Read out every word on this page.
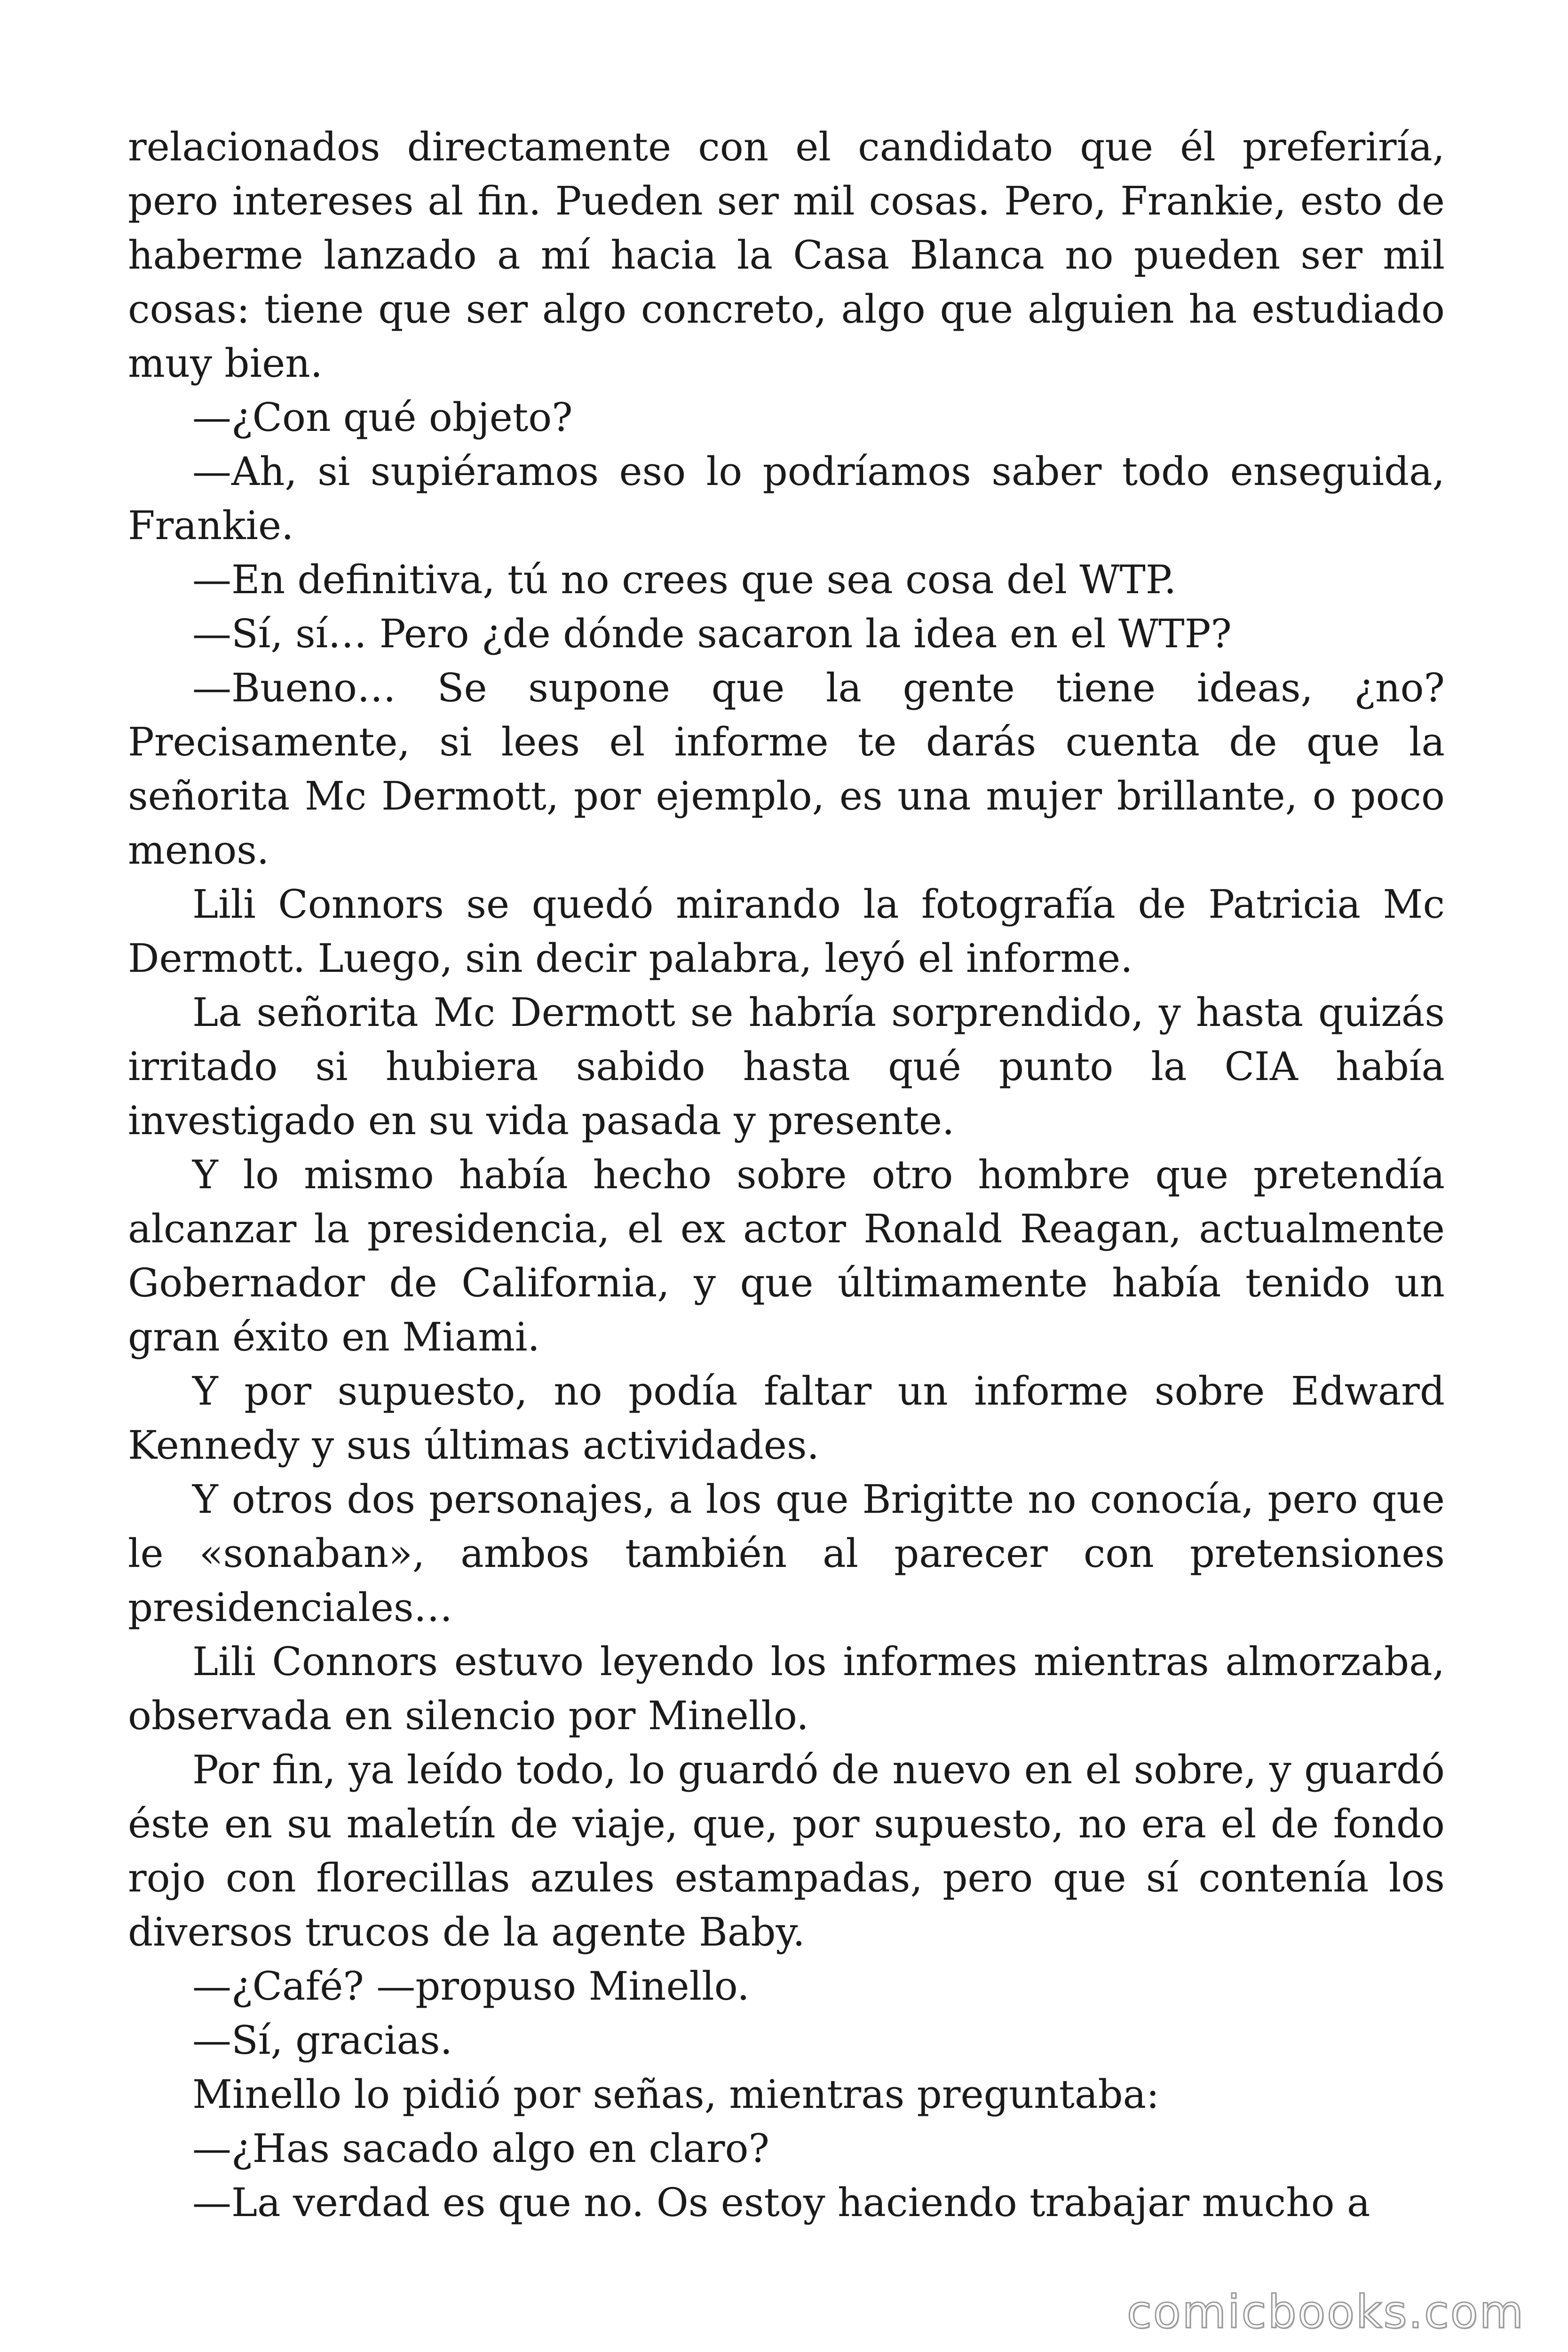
relacionados directamente con el candidato que él preferiría, pero intereses al fin. Pueden ser mil cosas. Pero, Frankie, esto de haberme lanzado a mí hacia la Casa Blanca no pueden ser mil cosas: tiene que ser algo concreto, algo que alguien ha estudiado muy bien.

—¿Con qué objeto?

—Ah, si supiéramos eso lo podríamos saber todo enseguida, Frankie.

—En definitiva, tú no crees que sea cosa del WTP.

—Sí, sí… Pero ¿de dónde sacaron la idea en el WTP?

—Bueno… Se supone que la gente tiene ideas, ¿no? Precisamente, si lees el informe te darás cuenta de que la señorita Mc Dermott, por ejemplo, es una mujer brillante, o poco menos.

Lili Connors se quedó mirando la fotografía de Patricia Mc Dermott. Luego, sin decir palabra, leyó el informe.

La señorita Mc Dermott se habría sorprendido, y hasta quizás irritado si hubiera sabido hasta qué punto la CIA había investigado en su vida pasada y presente.

Y lo mismo había hecho sobre otro hombre que pretendía alcanzar la presidencia, el ex actor Ronald Reagan, actualmente Gobernador de California, y que últimamente había tenido un gran éxito en Miami.

Y por supuesto, no podía faltar un informe sobre Edward Kennedy y sus últimas actividades.

Y otros dos personajes, a los que Brigitte no conocía, pero que le «sonaban», ambos también al parecer con pretensiones presidenciales…

Lili Connors estuvo leyendo los informes mientras almorzaba, observada en silencio por Minello.

Por fin, ya leído todo, lo guardó de nuevo en el sobre, y guardó éste en su maletín de viaje, que, por supuesto, no era el de fondo rojo con florecillas azules estampadas, pero que sí contenía los diversos trucos de la agente Baby.

—¿Café? —propuso Minello.

—Sí, gracias.

Minello lo pidió por señas, mientras preguntaba:

—¿Has sacado algo en claro?

—La verdad es que no. Os estoy haciendo trabajar mucho a

comicbooks.com
